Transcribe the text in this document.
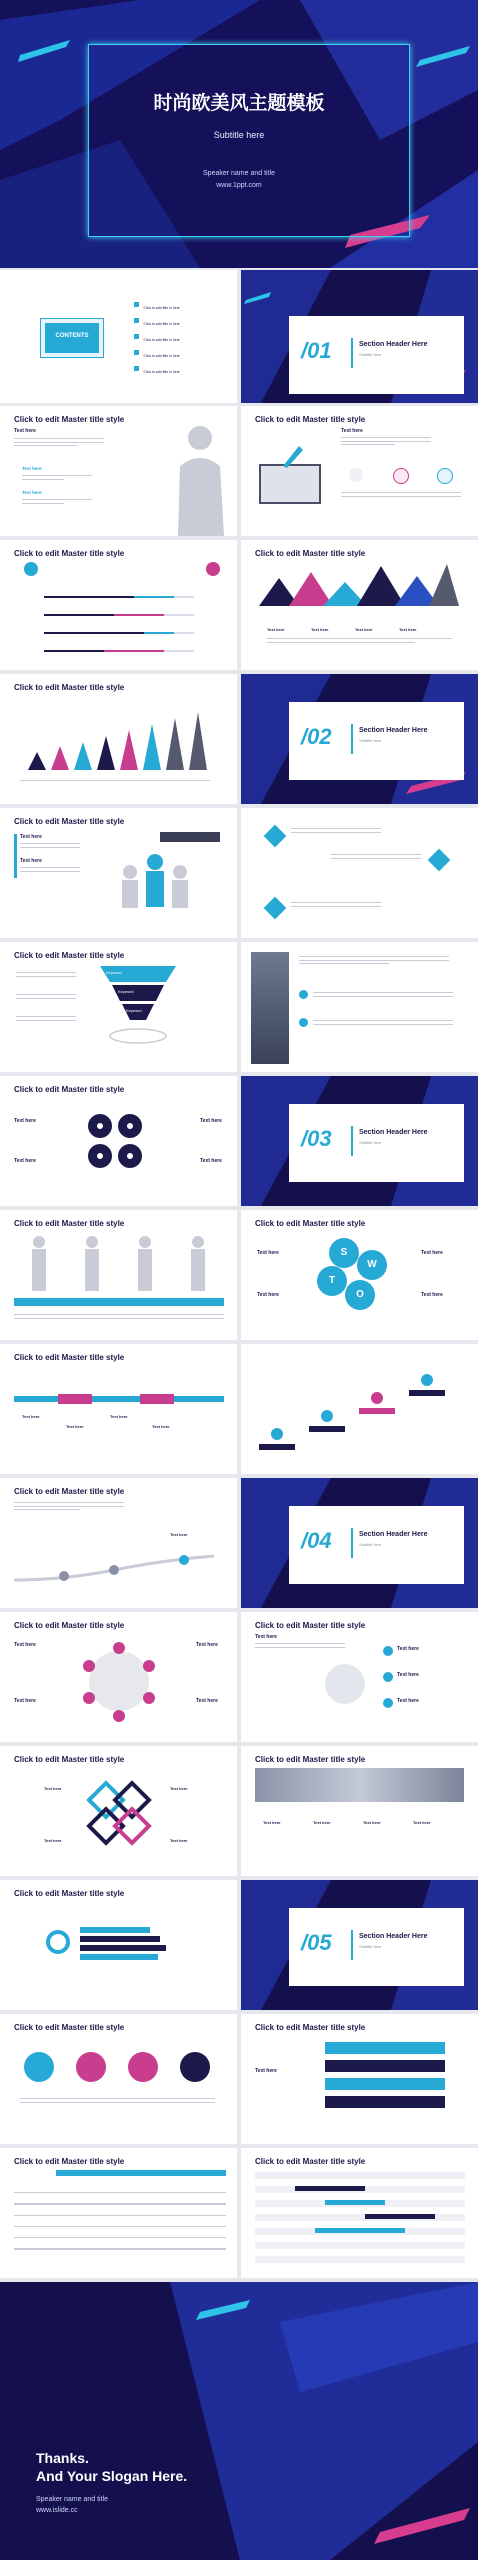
时尚欧美风主题模板
Subtitle here
Speaker name and title
www.1ppt.com
CONTENTS
Click to add title in here
Click to add title in here
Click to add title in here
Click to add title in here
Click to add title in here
/01	Section Header Here
Subtitle here
Click to edit Master title style
Text here
Text here
Text here
Click to edit Master title style
Text here
Click to edit Master title style	Click to edit Master title style
Text here	Text here	Text here	Text here
Click to edit Master title style
/02	Section Header Here
Subtitle here
Click to edit Master title style
Text here
Text here
Click to edit Master title style
Keyword
Keyword
Keyword
Click to edit Master title style
Text here	Text here
Text here	Text here
/03	Section Header Here
Subtitle here
Click to edit Master title style	Click to edit Master title style
S
W
T
O
Text here	Text here
Text here	Text here
Click to edit Master title style
Text here
Text here
Text here
Text here
Click to edit Master title style
Text here	/04	Section Header Here
Subtitle here
Click to edit Master title style
Text here	Text here
Text here	Text here
Click to edit Master title style
Text here
Text here
Text here
Text here
Click to edit Master title style
Text here	Text here
Text here	Text here
Click to edit Master title style
Text here	Text here	Text here	Text here
Click to edit Master title style
/05	Section Header Here
Subtitle here
Click to edit Master title style	Click to edit Master title style
Text here
Click to edit Master title style	Click to edit Master title style
Thanks.
And Your Slogan Here.
Speaker name and title
www.islide.cc
